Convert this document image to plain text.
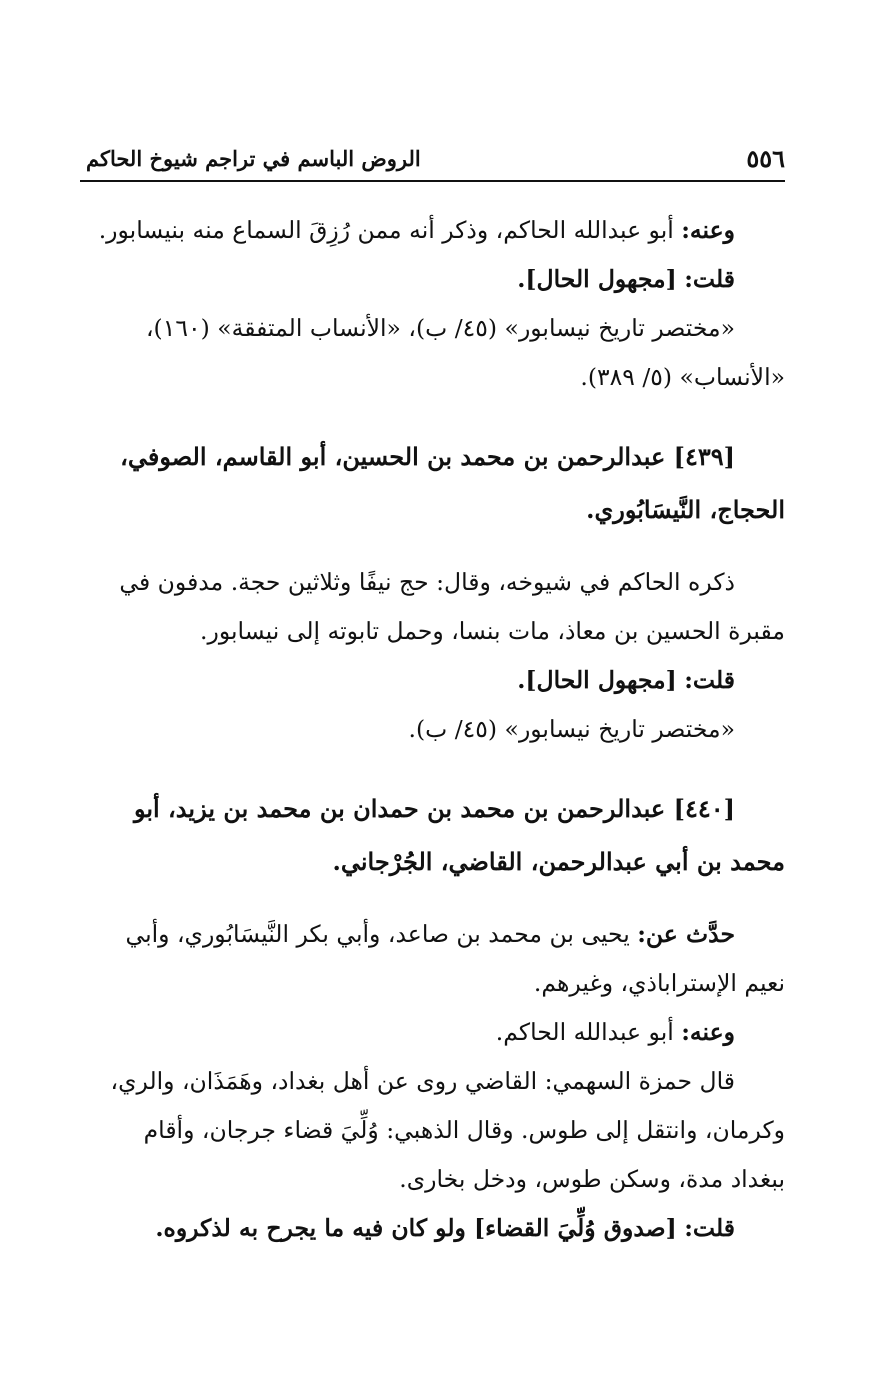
٥٥٦
الروض الباسم في تراجم شيوخ الحاكم

وعنه: أبو عبدالله الحاكم، وذكر أنه ممن رُزِقَ السماع منه بنيسابور.

قلت: [مجهول الحال].

«مختصر تاريخ نيسابور» (٤٥/ ب)، «الأنساب المتفقة» (١٦٠)،

«الأنساب» (٥/ ٣٨٩).

[٤٣٩] عبدالرحمن بن محمد بن الحسين، أبو القاسم، الصوفي،

الحجاج، النَّيسَابُوري.

ذكره الحاكم في شيوخه، وقال: حج نيفًا وثلاثين حجة. مدفون في

مقبرة الحسين بن معاذ، مات بنسا، وحمل تابوته إلى نيسابور.

قلت: [مجهول الحال].

«مختصر تاريخ نيسابور» (٤٥/ ب).

[٤٤٠] عبدالرحمن بن محمد بن حمدان بن محمد بن يزيد، أبو

محمد بن أبي عبدالرحمن، القاضي، الجُرْجاني.

حدَّث عن: يحيى بن محمد بن صاعد، وأبي بكر النَّيسَابُوري، وأبي

نعيم الإستراباذي، وغيرهم.

وعنه: أبو عبدالله الحاكم.

قال حمزة السهمي: القاضي روى عن أهل بغداد، وهَمَذَان، والري،

وكرمان، وانتقل إلى طوس. وقال الذهبي: وُلِّيَ قضاء جرجان، وأقام

ببغداد مدة، وسكن طوس، ودخل بخارى.

قلت: [صدوق وُلِّيَ القضاء] ولو كان فيه ما يجرح به لذكروه.
